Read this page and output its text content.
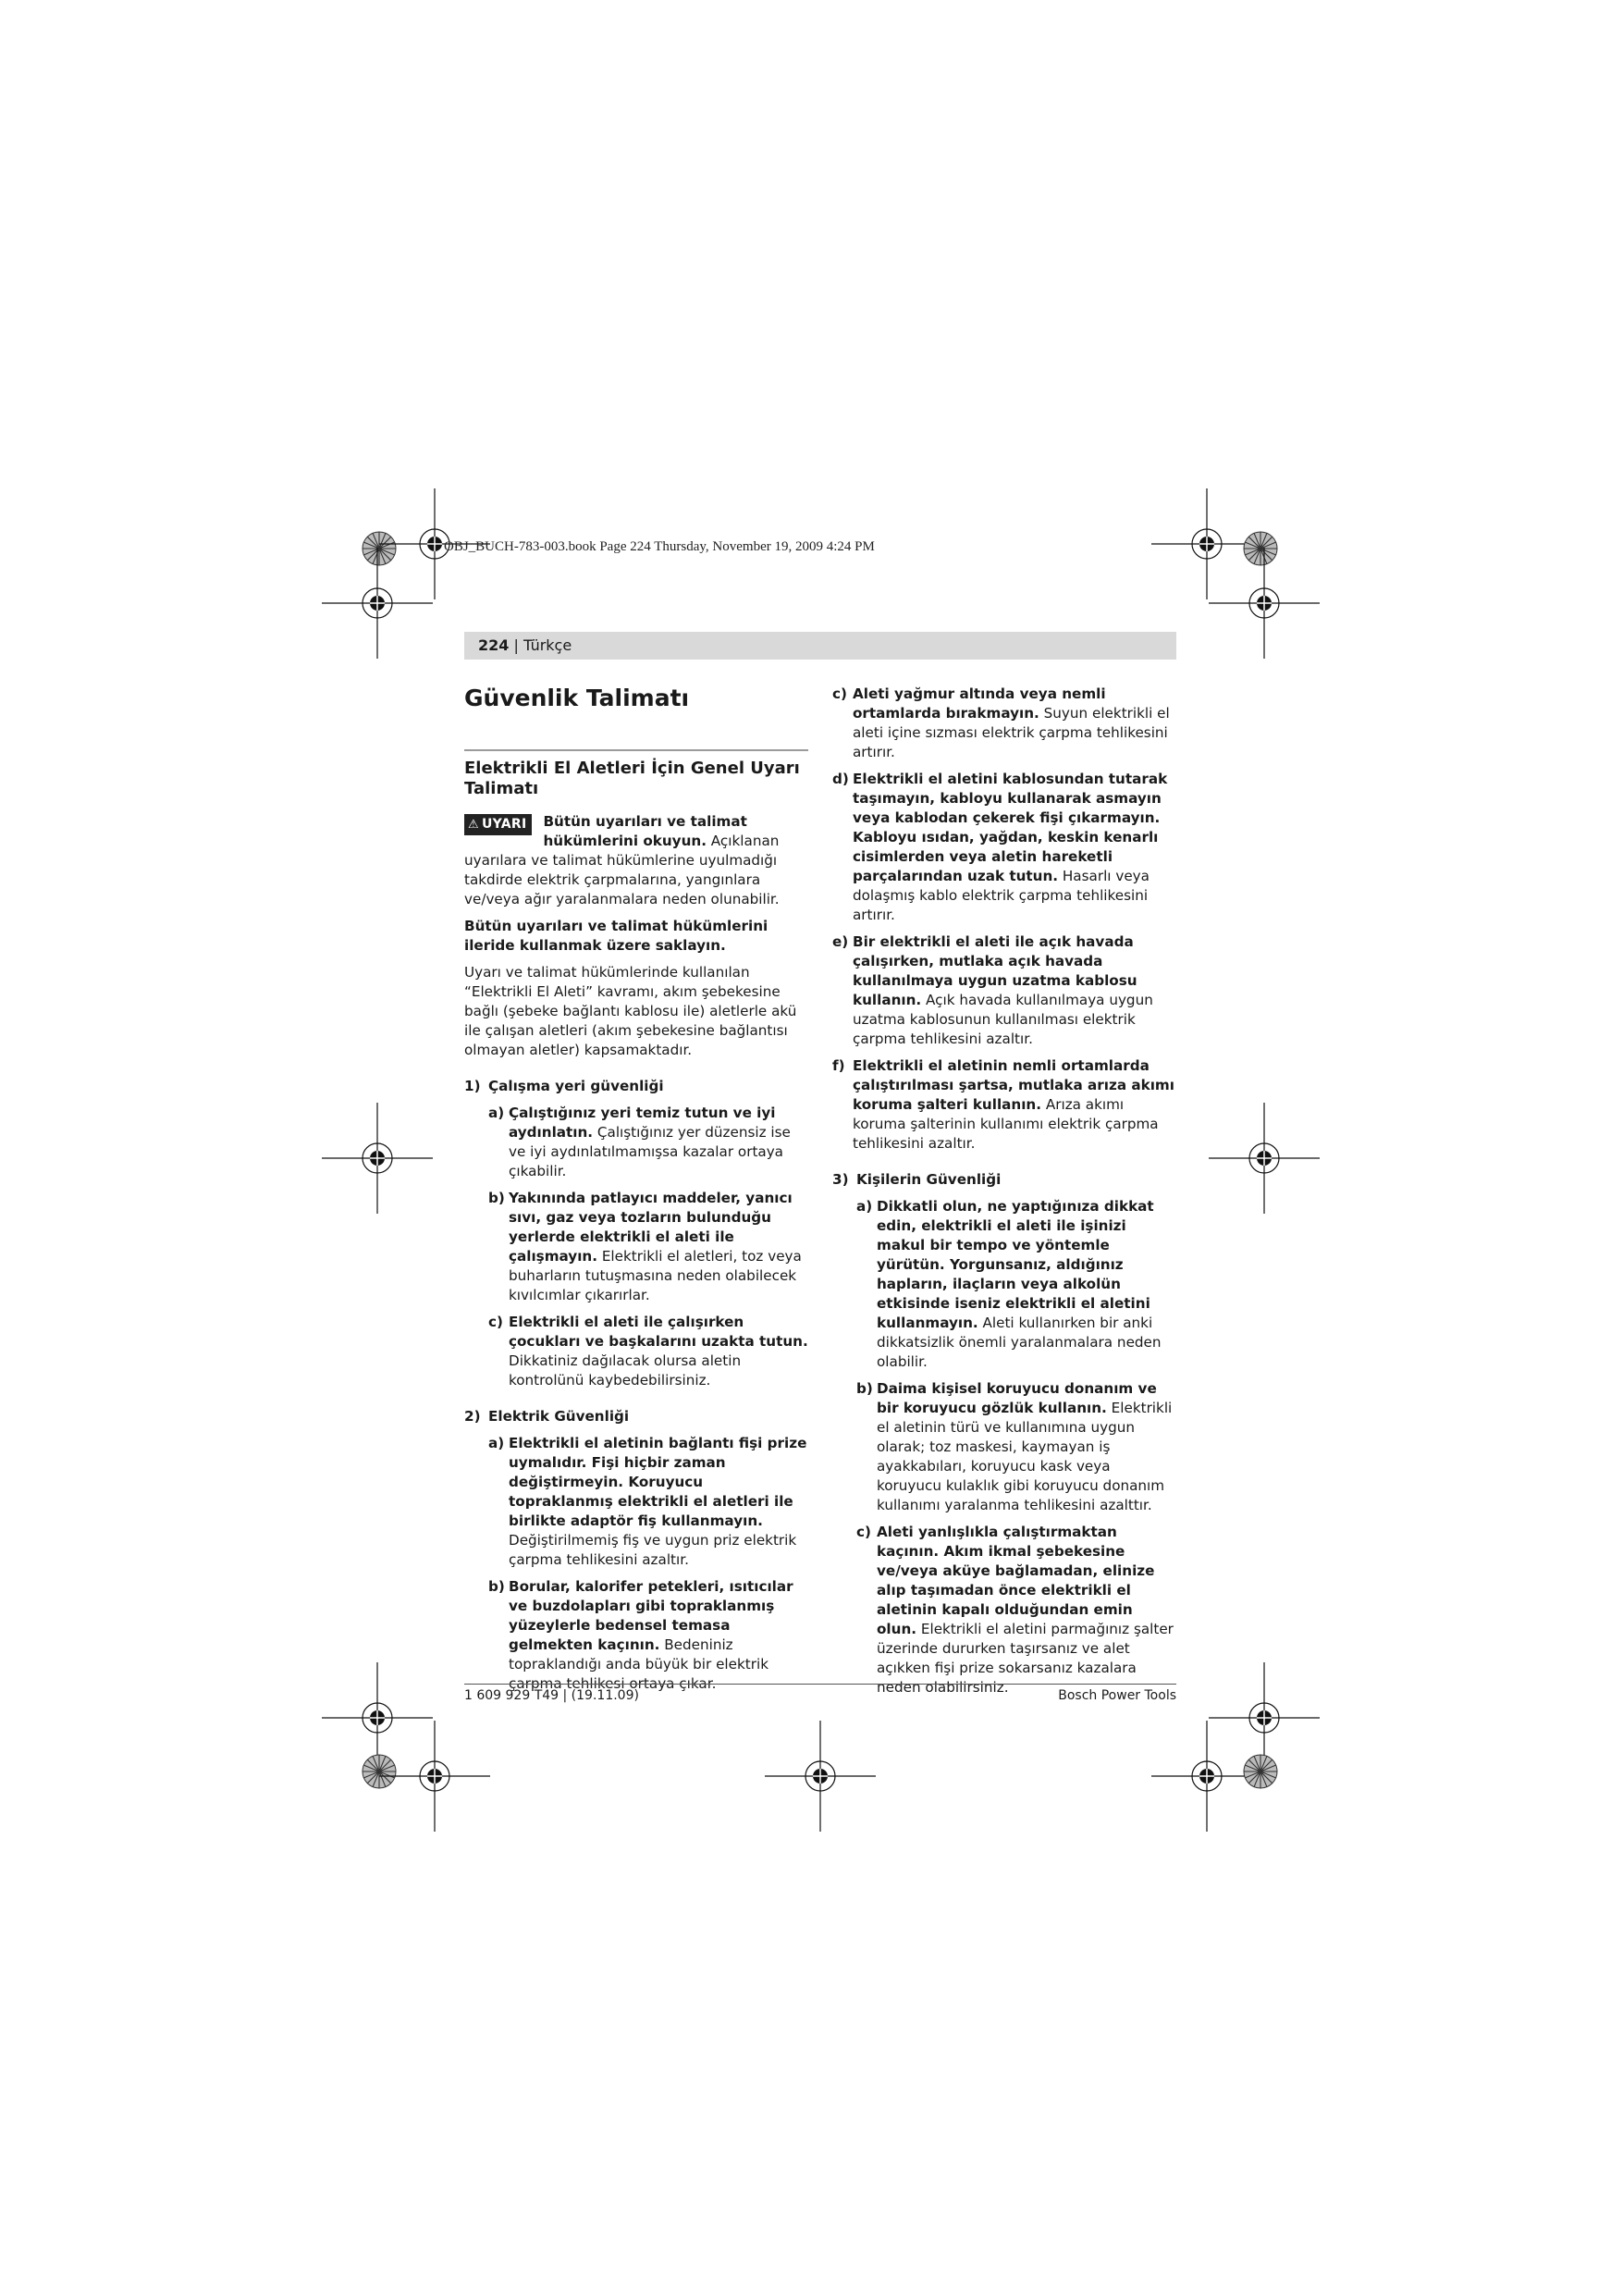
OBJ_BUCH-783-003.book Page 224 Thursday, November 19, 2009 4:24 PM
224 | Türkçe
Güvenlik Talimatı
Elektrikli El Aletleri İçin Genel Uyarı Talimatı

⚠ UYARI	Bütün uyarıları ve talimat hükümlerini okuyun. Açıklanan uyarılara ve talimat hükümlerine uyulmadığı takdirde elektrik çarpmalarına, yangınlara ve/veya ağır yaralanmalara neden olunabilir.

Bütün uyarıları ve talimat hükümlerini ileride kullanmak üzere saklayın.

Uyarı ve talimat hükümlerinde kullanılan “Elektrikli El Aleti” kavramı, akım şebekesine bağlı (şebeke bağlantı kablosu ile) aletlerle akü ile çalışan aletleri (akım şebekesine bağlantısı olmayan aletler) kapsamaktadır.

1) Çalışma yeri güvenliği
a) Çalıştığınız yeri temiz tutun ve iyi aydınlatın. Çalıştığınız yer düzensiz ise ve iyi aydınlatılmamışsa kazalar ortaya çıkabilir.
b) Yakınında patlayıcı maddeler, yanıcı sıvı, gaz veya tozların bulunduğu yerlerde elektrikli el aleti ile çalışmayın. Elektrikli el aletleri, toz veya buharların tutuşmasına neden olabilecek kıvılcımlar çıkarırlar.
c) Elektrikli el aleti ile çalışırken çocukları ve başkalarını uzakta tutun. Dikkatiniz dağılacak olursa aletin kontrolünü kaybedebilirsiniz.
2) Elektrik Güvenliği
a) Elektrikli el aletinin bağlantı fişi prize uymalıdır. Fişi hiçbir zaman değiştirmeyin. Koruyucu topraklanmış elektrikli el aletleri ile birlikte adaptör fiş kullanmayın. Değiştirilmemiş fiş ve uygun priz elektrik çarpma tehlikesini azaltır.
b) Borular, kalorifer petekleri, ısıtıcılar ve buzdolapları gibi topraklanmış yüzeylerle bedensel temasa gelmekten kaçının. Bedeniniz topraklandığı anda büyük bir elektrik çarpma tehlikesi ortaya çıkar.
c) Aleti yağmur altında veya nemli ortamlarda bırakmayın. Suyun elektrikli el aleti içine sızması elektrik çarpma tehlikesini artırır.
d) Elektrikli el aletini kablosundan tutarak taşımayın, kabloyu kullanarak asmayın veya kablodan çekerek fişi çıkarmayın. Kabloyu ısıdan, yağdan, keskin kenarlı cisimlerden veya aletin hareketli parçalarından uzak tutun. Hasarlı veya dolaşmış kablo elektrik çarpma tehlikesini artırır.
e) Bir elektrikli el aleti ile açık havada çalışırken, mutlaka açık havada kullanılmaya uygun uzatma kablosu kullanın. Açık havada kullanılmaya uygun uzatma kablosunun kullanılması elektrik çarpma tehlikesini azaltır.
f) Elektrikli el aletinin nemli ortamlarda çalıştırılması şartsa, mutlaka arıza akımı koruma şalteri kullanın. Arıza akımı koruma şalterinin kullanımı elektrik çarpma tehlikesini azaltır.
3) Kişilerin Güvenliği
a) Dikkatli olun, ne yaptığınıza dikkat edin, elektrikli el aleti ile işinizi makul bir tempo ve yöntemle yürütün. Yorgunsanız, aldığınız hapların, ilaçların veya alkolün etkisinde iseniz elektrikli el aletini kullanmayın. Aleti kullanırken bir anki dikkatsizlik önemli yaralanmalara neden olabilir.
b) Daima kişisel koruyucu donanım ve bir koruyucu gözlük kullanın. Elektrikli el aletinin türü ve kullanımına uygun olarak; toz maskesi, kaymayan iş ayakkabıları, koruyucu kask veya koruyucu kulaklık gibi koruyucu donanım kullanımı yaralanma tehlikesini azalttır.
c) Aleti yanlışlıkla çalıştırmaktan kaçının. Akım ikmal şebekesine ve/veya aküye bağlamadan, elinize alıp taşımadan önce elektrikli el aletinin kapalı olduğundan emin olun. Elektrikli el aletini parmağınız şalter üzerinde dururken taşırsanız ve alet açıkken fişi prize sokarsanız kazalara neden olabilirsiniz.
1 609 929 T49 | (19.11.09)	Bosch Power Tools
